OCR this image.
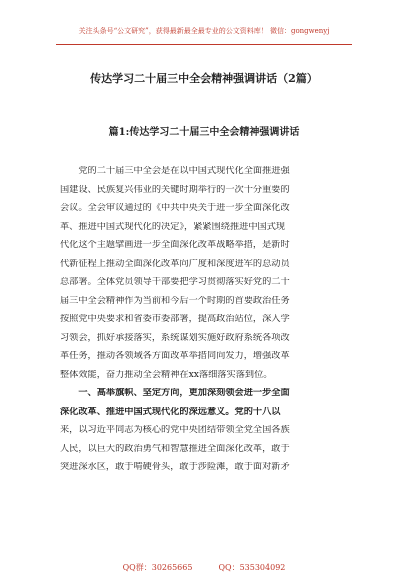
关注头条号“公文研究”，获得最新最全最专业的公文资料库！ 微信：gongwenyj
传达学习二十届三中全会精神强调讲话（2篇）
篇1:传达学习二十届三中全会精神强调讲话
　　党的二十届三中全会是在以中国式现代化全面推进强
国建设、民族复兴伟业的关键时期举行的一次十分重要的
会议。全会审议通过的《中共中央关于进一步全面深化改
革、推进中国式现代化的决定》，紧紧围绕推进中国式现
代化这个主题擘画进一步全面深化改革战略举措，是新时
代新征程上推动全面深化改革向广度和深度进军的总动员
总部署。全体党员领导干部要把学习贯彻落实好党的二十
届三中全会精神作为当前和今后一个时期的首要政治任务
按照党中央要求和省委市委部署，提高政治站位，深入学
习领会，抓好承接落实，系统谋划实施好政府系统各项改
革任务，推动各领域各方面改革举措同向发力，增强改革
整体效能，奋力推动全会精神在xx落细落实落到位。
　　一、高举旗帜、坚定方向，更加深刻领会进一步全面
深化改革、推进中国式现代化的深远意义。党的十八以
来，以习近平同志为核心的党中央团结带领全党全国各族
人民，以巨大的政治勇气和智慧推进全面深化改革，敢于
突进深水区，敢于啃硬骨头，敢于涉险滩，敢于面对新矛
QQ群：30265665	QQ：535304092
